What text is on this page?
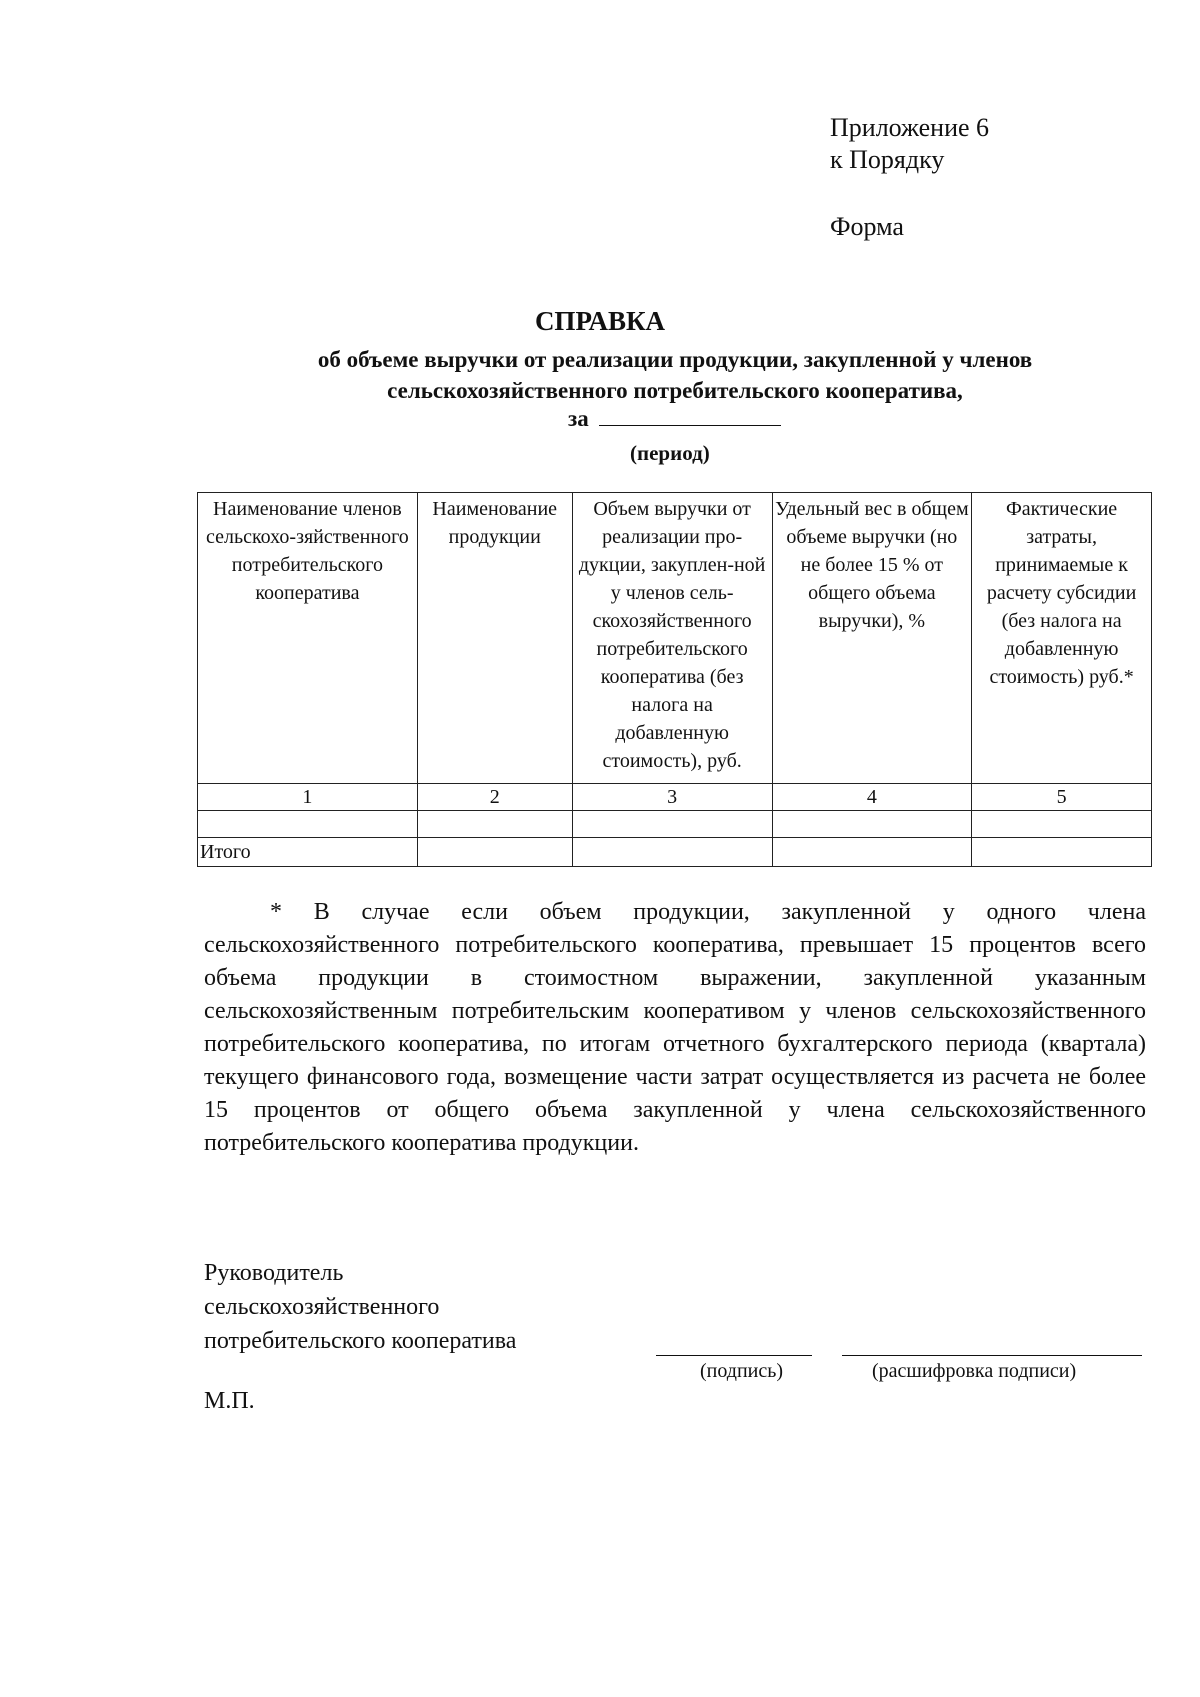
Приложение 6
к Порядку
Форма
СПРАВКА
об объеме выручки от реализации продукции, закупленной у членов
сельскохозяйственного потребительского кооператива,
за
(период)
Наименование членов сельскохо-зяйственного потребительского кооператива	Наименование продукции	Объем выручки от реализации про-дукции, закуплен-ной у членов сель-скохозяйственного потребительского кооператива (без налога на добавленную стоимость), руб.	Удельный вес в общем объеме выручки (но не более 15 % от общего объема выручки), %	Фактические затраты, принимаемые к расчету субсидии (без налога на добавленную стоимость) руб.*
1	2	3	4	5

Итого				

* В случае если объем продукции, закупленной у одного члена сельскохозяйственного потребительского кооператива, превышает 15 процентов всего объема продукции в стоимостном выражении, закупленной указанным сельскохозяйственным потребительским кооперативом у членов сельскохозяйственного потребительского кооператива, по итогам отчетного бухгалтерского периода (квартала) текущего финансового года, возмещение части затрат осуществляется из расчета не более 15 процентов от общего объема закупленной у члена сельскохозяйственного потребительского кооператива продукции.

Руководитель
сельскохозяйственного
потребительского кооператива
(подпись)	(расшифровка подписи)
М.П.
